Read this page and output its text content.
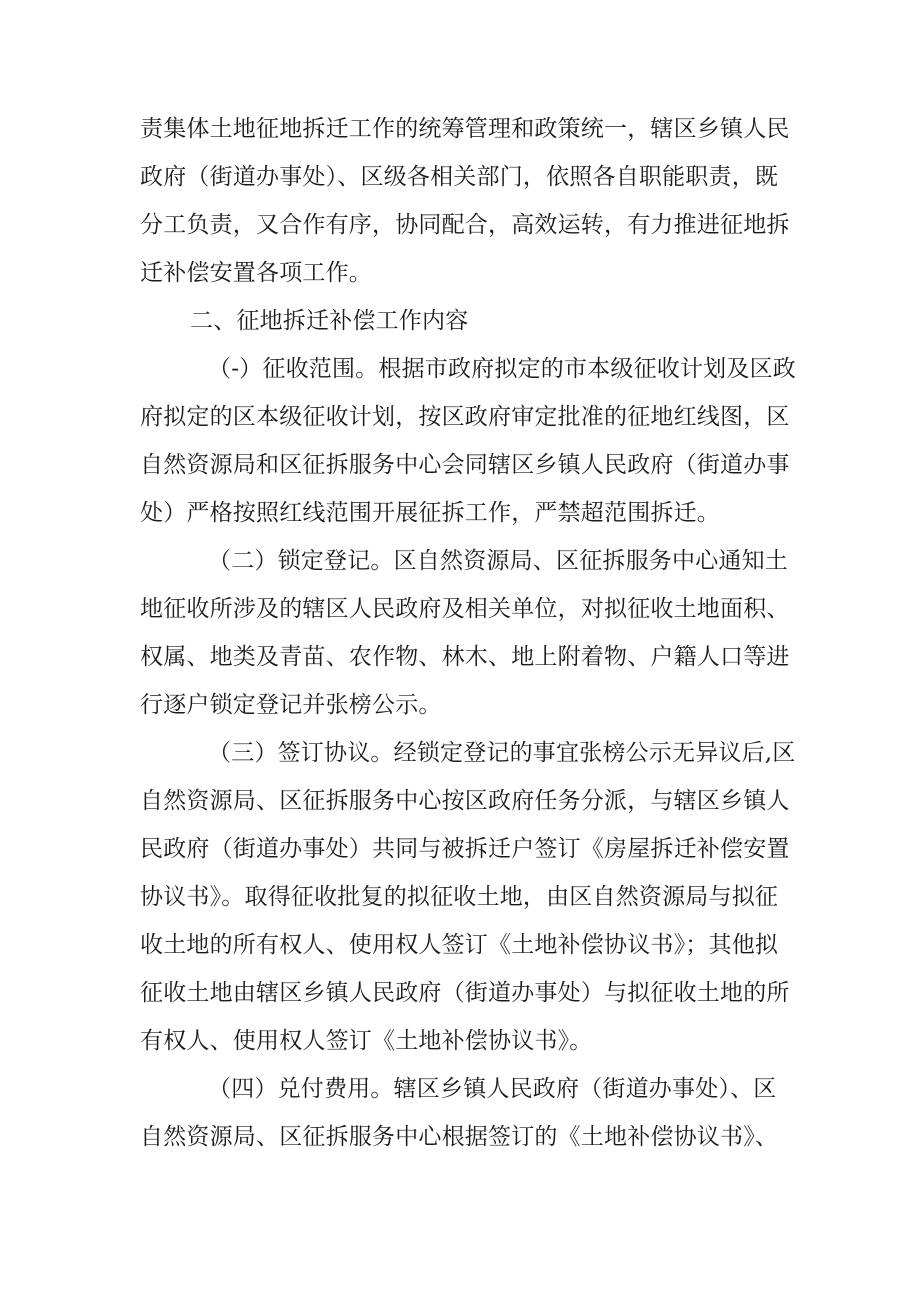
责集体土地征地拆迁工作的统筹管理和政策统一，辖区乡镇人民
政府（街道办事处）、区级各相关部门，依照各自职能职责，既
分工负责，又合作有序，协同配合，高效运转，有力推进征地拆
迁补偿安置各项工作。
二、征地拆迁补偿工作内容
（-）征收范围。根据市政府拟定的市本级征收计划及区政
府拟定的区本级征收计划，按区政府审定批准的征地红线图，区
自然资源局和区征拆服务中心会同辖区乡镇人民政府（街道办事
处）严格按照红线范围开展征拆工作，严禁超范围拆迁。
（二）锁定登记。区自然资源局、区征拆服务中心通知土
地征收所涉及的辖区人民政府及相关单位，对拟征收土地面积、
权属、地类及青苗、农作物、林木、地上附着物、户籍人口等进
行逐户锁定登记并张榜公示。
（三）签订协议。经锁定登记的事宜张榜公示无异议后,区
自然资源局、区征拆服务中心按区政府任务分派，与辖区乡镇人
民政府（街道办事处）共同与被拆迁户签订《房屋拆迁补偿安置
协议书》。取得征收批复的拟征收土地，由区自然资源局与拟征
收土地的所有权人、使用权人签订《土地补偿协议书》；其他拟
征收土地由辖区乡镇人民政府（街道办事处）与拟征收土地的所
有权人、使用权人签订《土地补偿协议书》。
（四）兑付费用。辖区乡镇人民政府（街道办事处）、区
自然资源局、区征拆服务中心根据签订的《土地补偿协议书》、
